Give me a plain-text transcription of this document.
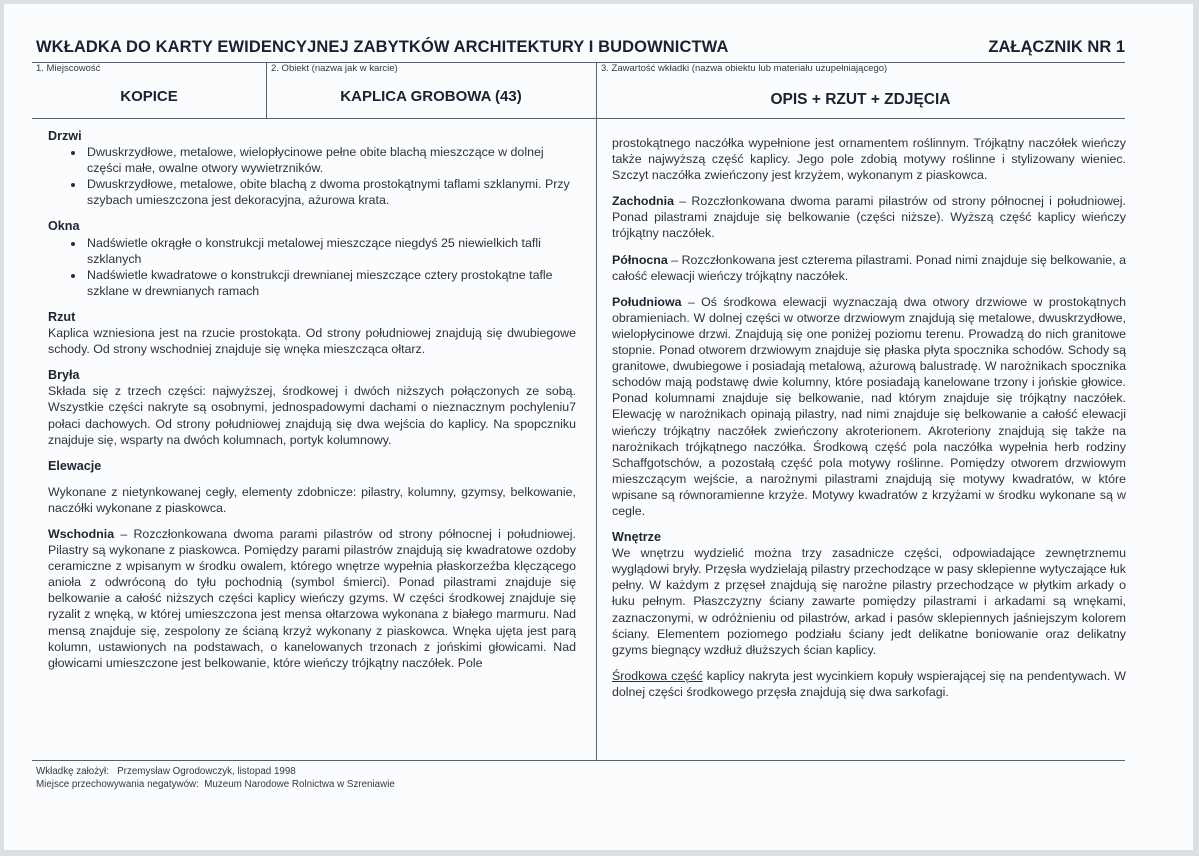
WKŁADKA DO KARTY EWIDENCYJNEJ ZABYTKÓW ARCHITEKTURY I BUDOWNICTWA	ZAŁĄCZNIK NR 1
1. Miejscowość	2. Obiekt (nazwa jak w karcie)	3. Zawartość wkładki (nazwa obiektu lub materiału uzupełniającego)
KOPICE	KAPLICA GROBOWA (43)	OPIS + RZUT + ZDJĘCIA
Drzwi
• Dwuskrzydłowe, metalowe, wielopłycinowe pełne obite blachą mieszczące w dolnej części małe, owalne otwory wywietrzników.
• Dwuskrzydłowe, metalowe, obite blachą z dwoma prostokątnymi taflami szklanymi. Przy szybach umieszczona jest dekoracyjna, ażurowa krata.
Okna
• Nadświetle okrągłe o konstrukcji metalowej mieszczące niegdyś 25 niewielkich tafli szklanych
• Nadświetle kwadratowe o konstrukcji drewnianej mieszczące cztery prostokątne tafle szklane w drewnianych ramach
Rzut

Kaplica wzniesiona jest na rzucie prostokąta. Od strony południowej znajdują się dwubiegowe schody. Od strony wschodniej znajduje się wnęka mieszcząca ołtarz.

Bryła

Składa się z trzech części: najwyższej, środkowej i dwóch niższych połączonych ze sobą. Wszystkie części nakryte są osobnymi, jednospadowymi dachami o nieznacznym pochyleniu7 połaci dachowych. Od strony południowej znajdują się dwa wejścia do kaplicy. Na spopczniku znajduje się, wsparty na dwóch kolumnach, portyk kolumnowy.

Elewacje

Wykonane z nietynkowanej cegły, elementy zdobnicze: pilastry, kolumny, gzymsy, belkowanie, naczółki wykonane z piaskowca.

Wschodnia – Rozczłonkowana dwoma parami pilastrów od strony północnej i południowej. Pilastry są wykonane z piaskowca. Pomiędzy parami pilastrów znajdują się kwadratowe ozdoby ceramiczne z wpisanym w środku owalem, którego wnętrze wypełnia płaskorzeźba klęczącego anioła z odwróconą do tyłu pochodnią (symbol śmierci). Ponad pilastrami znajduje się belkowanie a całość niższych części kaplicy wieńczy gzyms. W części środkowej znajduje się ryzalit z wnęką, w której umieszczona jest mensa ołtarzowa wykonana z białego marmuru. Nad mensą znajduje się, zespolony ze ścianą krzyż wykonany z piaskowca. Wnęka ujęta jest parą kolumn, ustawionych na podstawach, o kanelowanych trzonach z jońskimi głowicami. Nad głowicami umieszczone jest belkowanie, które wieńczy trójkątny naczółek. Pole

prostokątnego naczółka wypełnione jest ornamentem roślinnym. Trójkątny naczółek wieńczy także najwyższą część kaplicy. Jego pole zdobią motywy roślinne i stylizowany wieniec. Szczyt naczółka zwieńczony jest krzyżem, wykonanym z piaskowca.

Zachodnia – Rozczłonkowana dwoma parami pilastrów od strony północnej i południowej. Ponad pilastrami znajduje się belkowanie (części niższe). Wyższą część kaplicy wieńczy trójkątny naczółek.

Północna – Rozczłonkowana jest czterema pilastrami. Ponad nimi znajduje się belkowanie, a całość elewacji wieńczy trójkątny naczółek.

Południowa – Oś środkowa elewacji wyznaczają dwa otwory drzwiowe w prostokątnych obramieniach. W dolnej części w otworze drzwiowym znajdują się metalowe, dwuskrzydłowe, wielopłycinowe drzwi. Znajdują się one poniżej poziomu terenu. Prowadzą do nich granitowe stopnie. Ponad otworem drzwiowym znajduje się płaska płyta spocznika schodów. Schody są granitowe, dwubiegowe i posiadają metalową, ażurową balustradę. W narożnikach spocznika schodów mają podstawę dwie kolumny, które posiadają kanelowane trzony i jońskie głowice. Ponad kolumnami znajduje się belkowanie, nad którym znajduje się trójkątny naczółek. Elewację w narożnikach opinają pilastry, nad nimi znajduje się belkowanie a całość elewacji wieńczy trójkątny naczółek zwieńczony akroterionem. Akroteriony znajdują się także na narożnikach trójkątnego naczółka. Środkową część pola naczółka wypełnia herb rodziny Schaffgotschów, a pozostałą część pola motywy roślinne. Pomiędzy otworem drzwiowym mieszczącym wejście, a narożnymi pilastrami znajdują się motywy kwadratów, w które wpisane są równoramienne krzyże. Motywy kwadratów z krzyżami w środku wykonane są w cegle.

Wnętrze

We wnętrzu wydzielić można trzy zasadnicze części, odpowiadające zewnętrznemu wyglądowi bryły. Przęsła wydzielają pilastry przechodzące w pasy sklepienne wytyczające łuk pełny. W każdym z przęseł znajdują się narożne pilastry przechodzące w płytkim arkady o łuku pełnym. Płaszczyzny ściany zawarte pomiędzy pilastrami i arkadami są wnękami, zaznaczonymi, w odróżnieniu od pilastrów, arkad i pasów sklepiennych jaśniejszym kolorem ściany. Elementem poziomego podziału ściany jedt delikatne boniowanie oraz delikatny gzyms biegnący wzdłuż dłuższych ścian kaplicy.

Środkowa część kaplicy nakryta jest wycinkiem kopuły wspierającej się na pendentywach. W dolnej części środkowego przęsła znajdują się dwa sarkofagi.

Wkładkę założył: Przemysław Ogrodowczyk, listopad 1998
Miejsce przechowywania negatywów: Muzeum Narodowe Rolnictwa w Szreniawie
